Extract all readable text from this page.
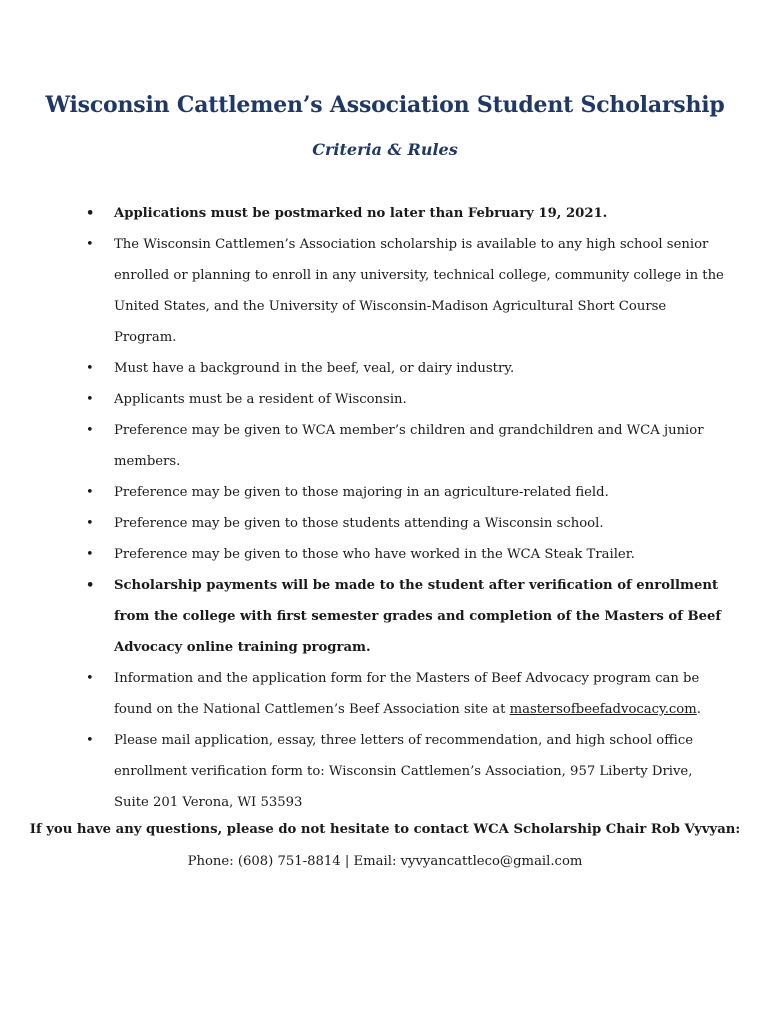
Wisconsin Cattlemen’s Association Student Scholarship
Criteria & Rules
• Applications must be postmarked no later than February 19, 2021.
• The Wisconsin Cattlemen’s Association scholarship is available to any high school senior enrolled or planning to enroll in any university, technical college, community college in the United States, and the University of Wisconsin-Madison Agricultural Short Course Program.
• Must have a background in the beef, veal, or dairy industry.
• Applicants must be a resident of Wisconsin.
• Preference may be given to WCA member’s children and grandchildren and WCA junior members.
• Preference may be given to those majoring in an agriculture-related field.
• Preference may be given to those students attending a Wisconsin school.
• Preference may be given to those who have worked in the WCA Steak Trailer.
• Scholarship payments will be made to the student after verification of enrollment from the college with first semester grades and completion of the Masters of Beef Advocacy online training program.
• Information and the application form for the Masters of Beef Advocacy program can be found on the National Cattlemen’s Beef Association site at mastersofbeefadvocacy.com.
• Please mail application, essay, three letters of recommendation, and high school office enrollment verification form to: Wisconsin Cattlemen’s Association, 957 Liberty Drive, Suite 201 Verona, WI 53593

If you have any questions, please do not hesitate to contact WCA Scholarship Chair Rob Vyvyan:

Phone: (608) 751-8814 | Email: vyvyancattleco@gmail.com
